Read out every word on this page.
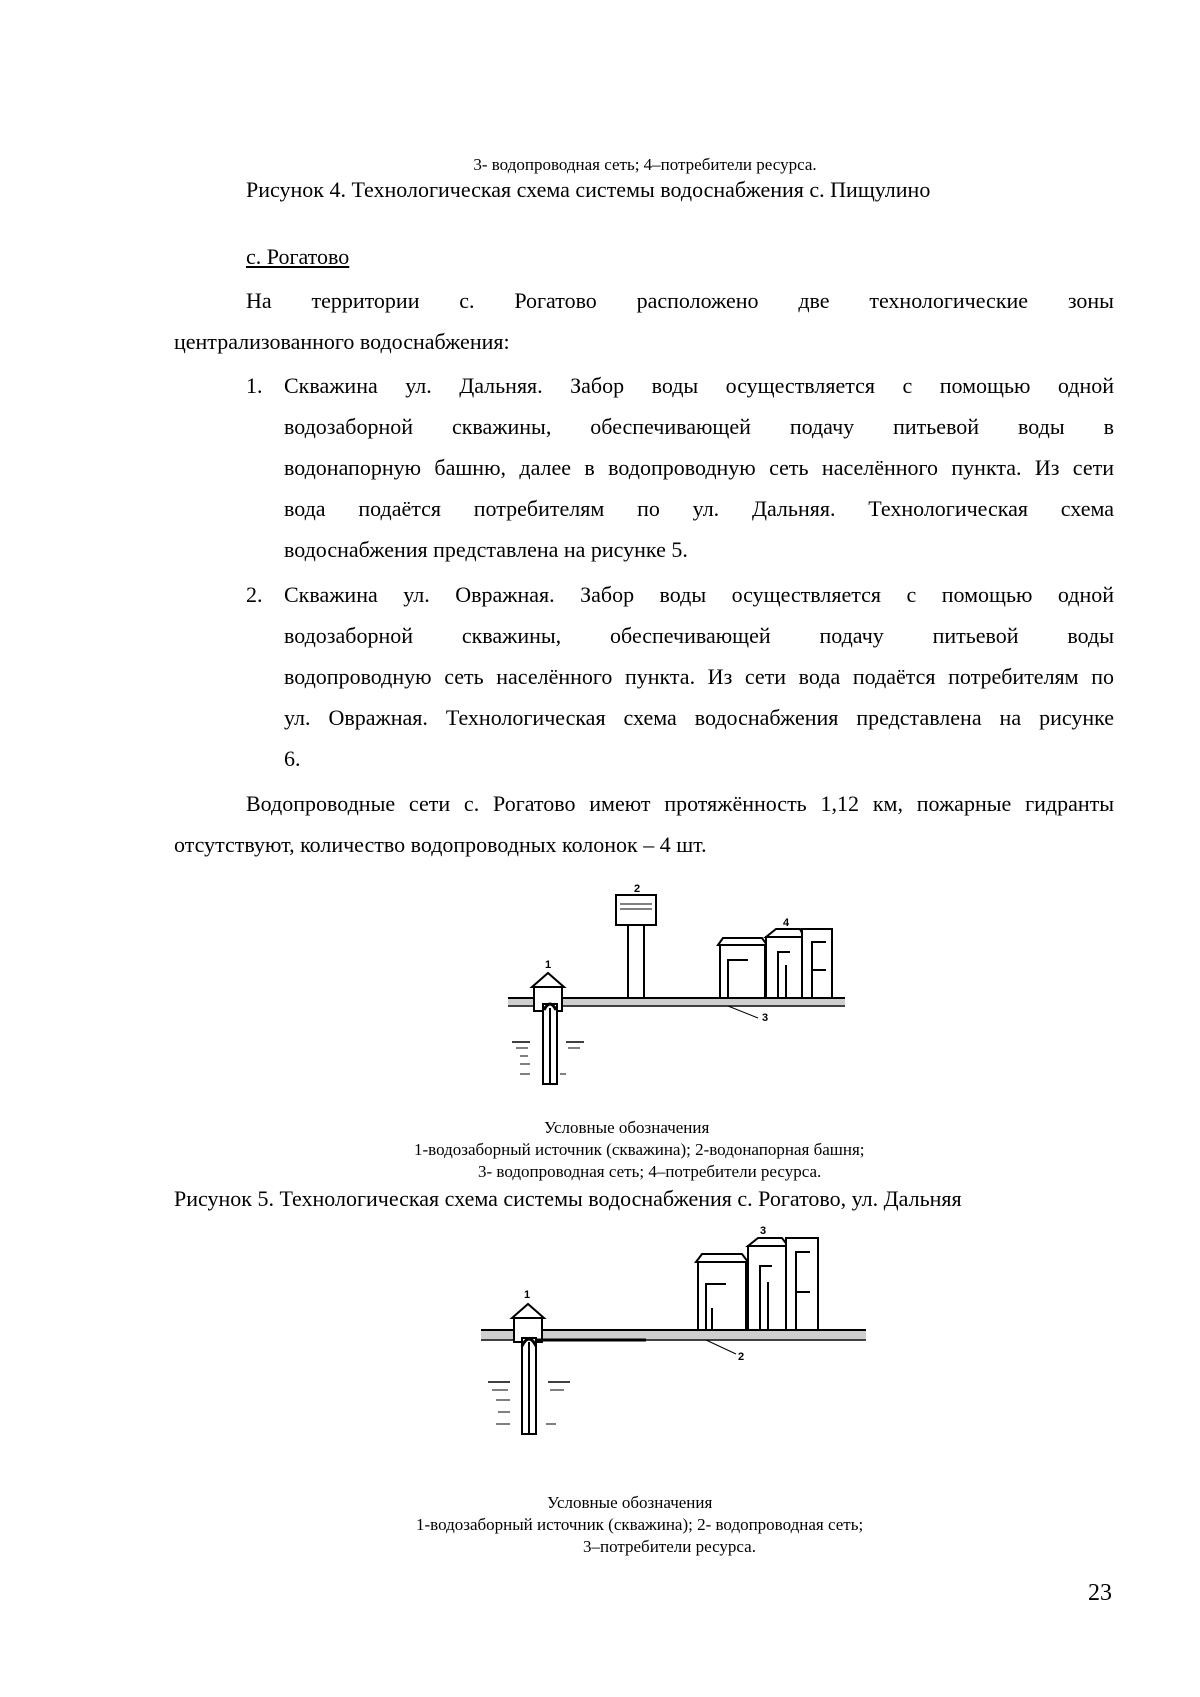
3- водопроводная сеть; 4–потребители ресурса.
Рисунок 4. Технологическая схема системы водоснабжения с. Пищулино
с. Рогатово
На территории с. Рогатово расположено две технологические зоны
централизованного водоснабжения:
1. Скважина ул. Дальняя. Забор воды осуществляется с помощью одной
водозаборной скважины, обеспечивающей подачу питьевой воды в
водонапорную башню, далее в водопроводную сеть населённого пункта. Из сети
вода подаётся потребителям по ул. Дальняя. Технологическая схема
водоснабжения представлена на рисунке 5.
2. Скважина ул. Овражная. Забор воды осуществляется с помощью одной
водозаборной скважины, обеспечивающей подачу питьевой воды
водопроводную сеть населённого пункта. Из сети вода подаётся потребителям по
ул. Овражная. Технологическая схема водоснабжения представлена на рисунке
6.
Водопроводные сети с. Рогатово имеют протяжённость 1,12 км, пожарные гидранты
отсутствуют, количество водопроводных колонок – 4 шт.
1
2
3
4
Условные обозначения
1-водозаборный источник (скважина); 2-водонапорная башня;
3- водопроводная сеть; 4–потребители ресурса.
Рисунок 5. Технологическая схема системы водоснабжения с. Рогатово, ул. Дальняя
1
2
3
Условные обозначения
1-водозаборный источник (скважина); 2- водопроводная сеть;
3–потребители ресурса.
23
